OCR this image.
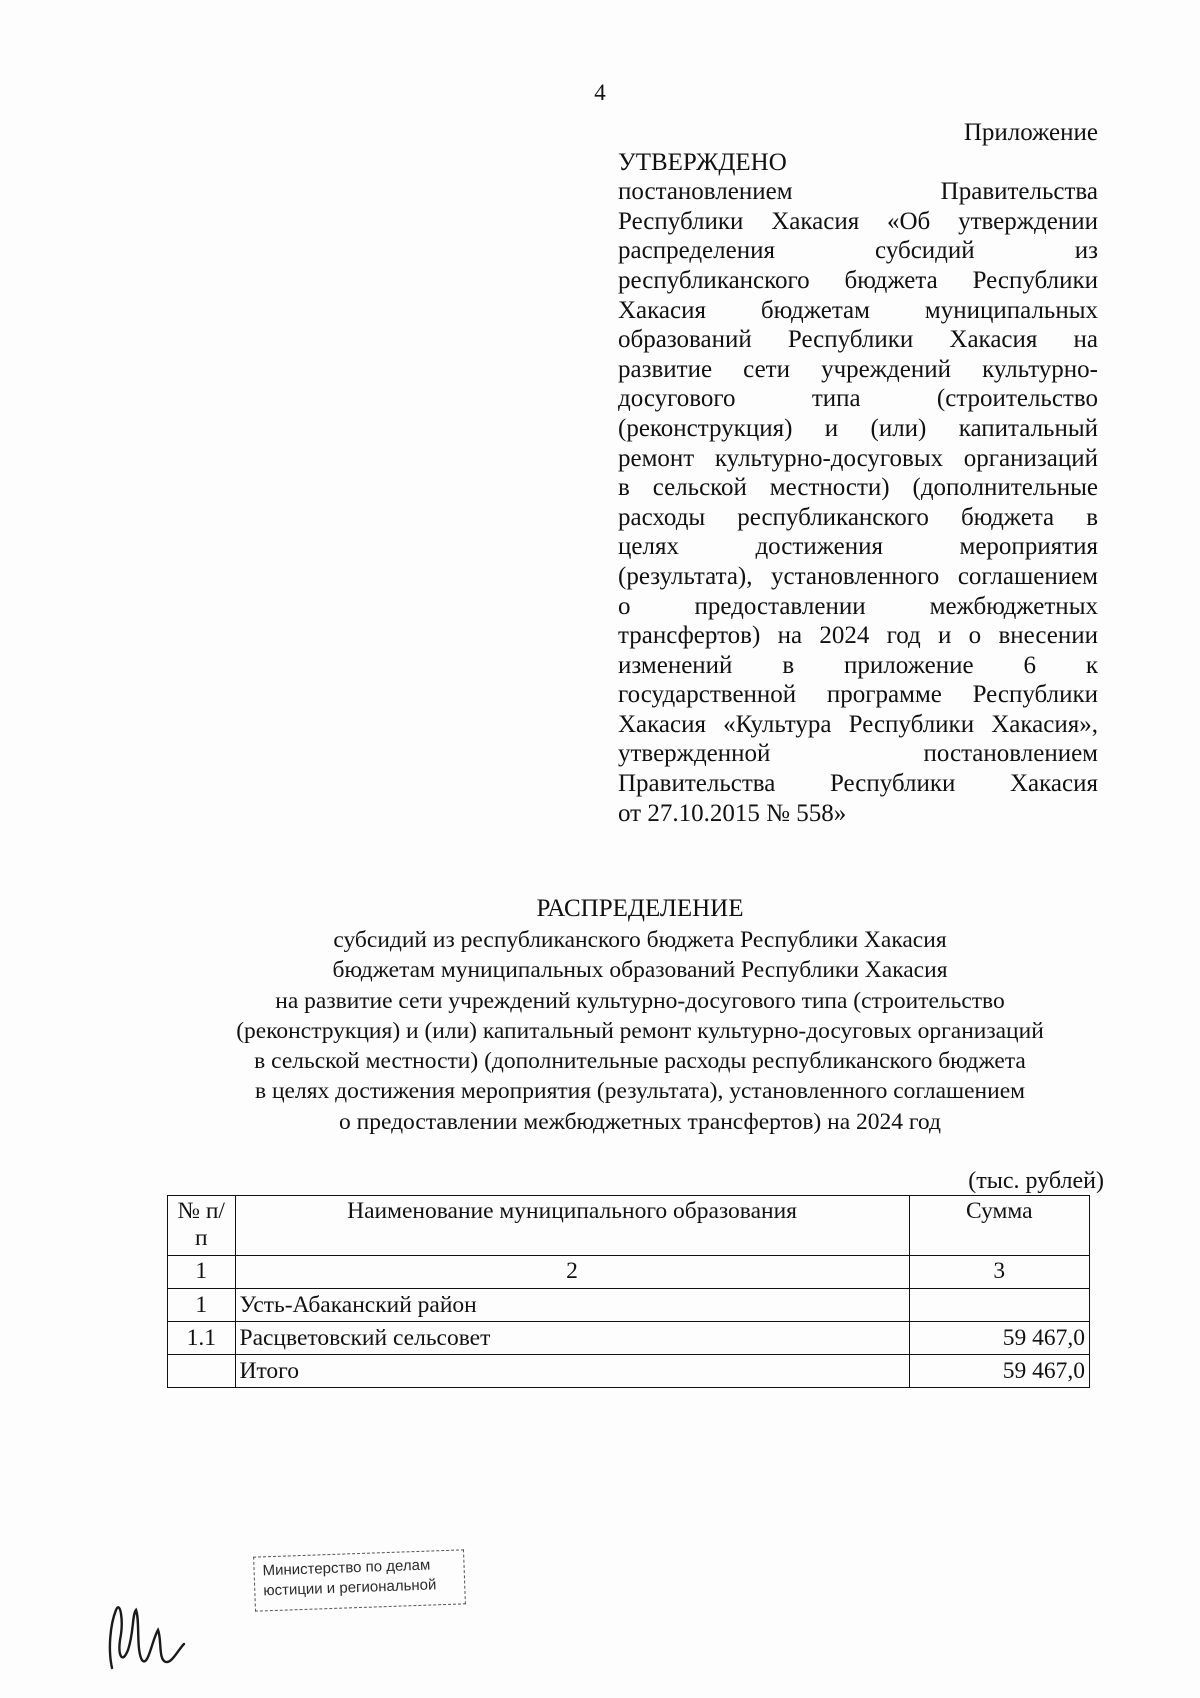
4
Приложение
УТВЕРЖДЕНО
постановлением Правительства
Республики Хакасия «Об утверждении
распределения субсидий из
республиканского бюджета Республики
Хакасия бюджетам муниципальных
образований Республики Хакасия на
развитие сети учреждений культурно-
досугового типа (строительство
(реконструкция) и (или) капитальный
ремонт культурно-досуговых организаций
в сельской местности) (дополнительные
расходы республиканского бюджета в
целях достижения мероприятия
(результата), установленного соглашением
о предоставлении межбюджетных
трансфертов) на 2024 год и о внесении
изменений в приложение 6 к
государственной программе Республики
Хакасия «Культура Республики Хакасия»,
утвержденной постановлением
Правительства Республики Хакасия
от 27.10.2015 № 558»
РАСПРЕДЕЛЕНИЕ
субсидий из республиканского бюджета Республики Хакасия
бюджетам муниципальных образований Республики Хакасия
на развитие сети учреждений культурно-досугового типа (строительство
(реконструкция) и (или) капитальный ремонт культурно-досуговых организаций
в сельской местности) (дополнительные расходы республиканского бюджета
в целях достижения мероприятия (результата), установленного соглашением
о предоставлении межбюджетных трансфертов) на 2024 год
(тыс. рублей)
№ п/п	Наименование муниципального образования	Сумма
1	2	3
1	Усть-Абаканский район	
1.1	Расцветовский сельсовет	59 467,0
	Итого	59 467,0
Министерство по делам
юстиции и региональной
